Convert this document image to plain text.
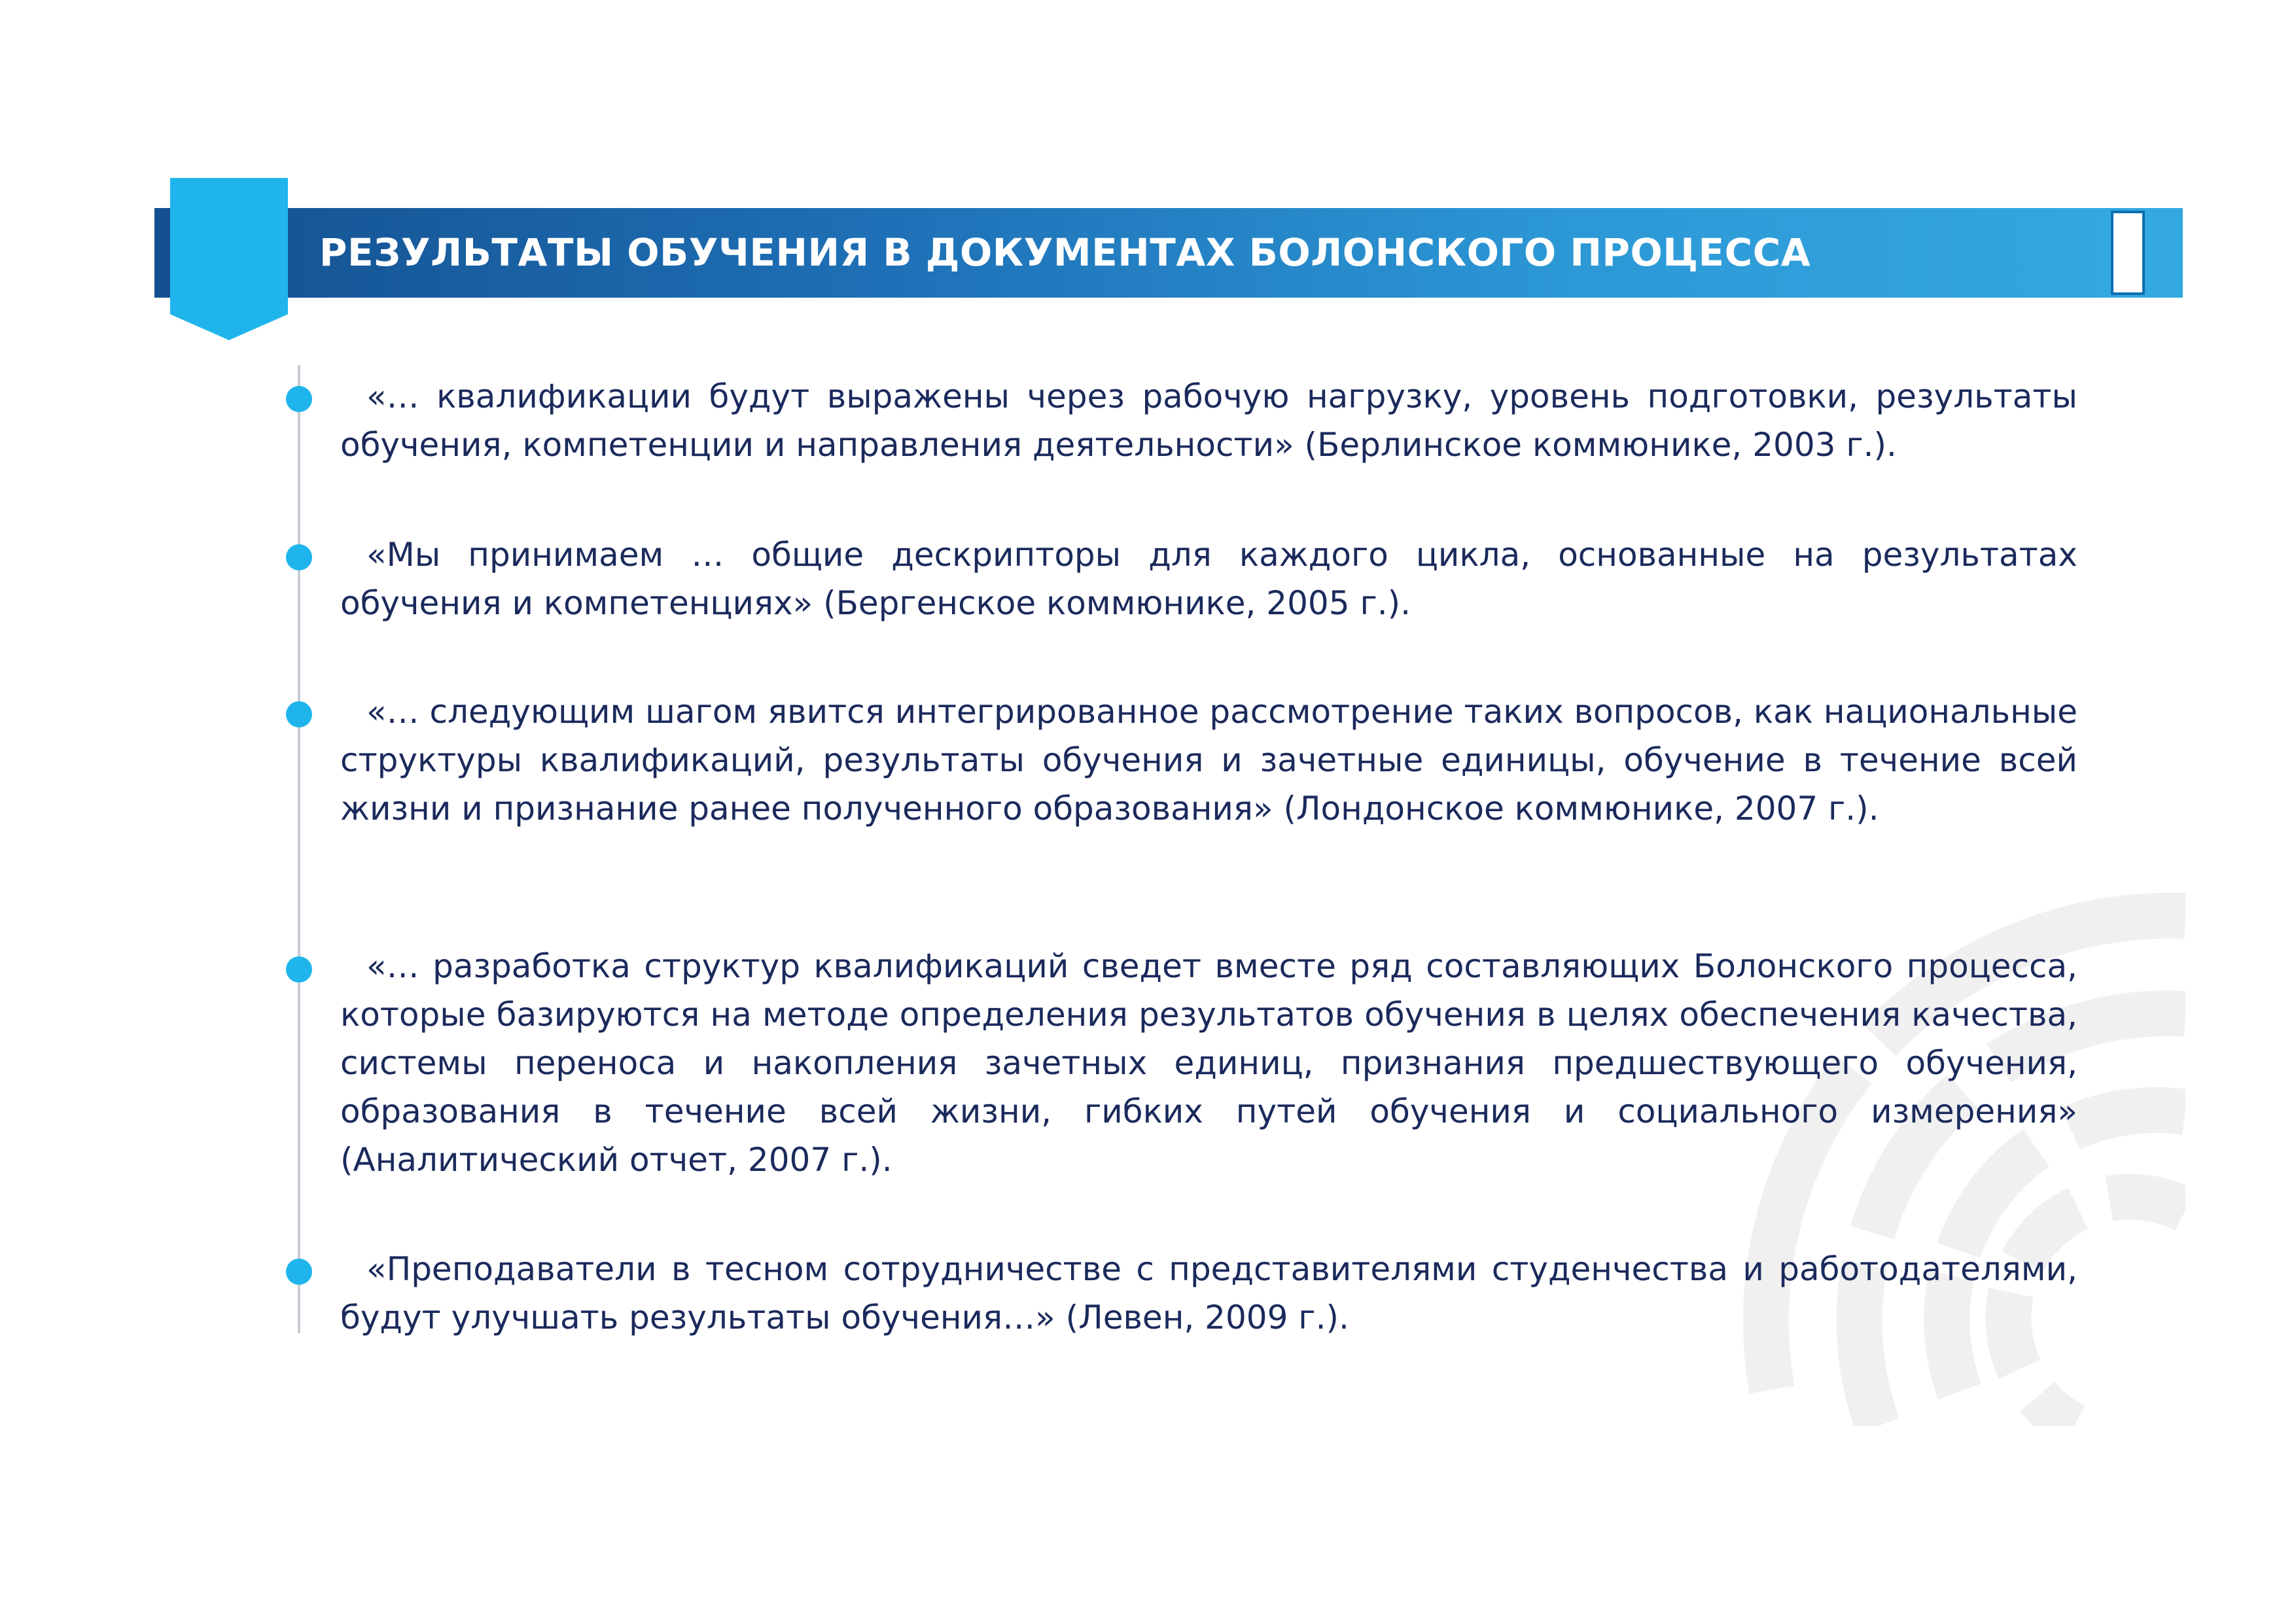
РЕЗУЛЬТАТЫ ОБУЧЕНИЯ В ДОКУМЕНТАХ БОЛОНСКОГО ПРОЦЕССА

«… квалификации будут выражены через рабочую нагрузку, уровень подготовки, результаты обучения, компетенции и направления деятельности» (Берлинское коммюнике, 2003 г.).

«Мы принимаем … общие дескрипторы для каждого цикла, основанные на результатах обучения и компетенциях» (Бергенское коммюнике, 2005 г.).

«… следующим шагом явится интегрированное рассмотрение таких вопросов, как национальные структуры квалификаций, результаты обучения и зачетные единицы, обучение в течение всей жизни и признание ранее полученного образования» (Лондонское коммюнике, 2007 г.).

«… разработка структур квалификаций сведет вместе ряд составляющих Болонского процесса, которые базируются на методе определения результатов обучения в целях обеспечения качества, системы переноса и накопления зачетных единиц, признания предшествующего обучения, образования в течение всей жизни, гибких путей обучения и социального измерения» (Аналитический отчет, 2007 г.).

«Преподаватели в тесном сотрудничестве с представителями студенчества и работодателями, будут улучшать результаты обучения…» (Левен, 2009 г.).
